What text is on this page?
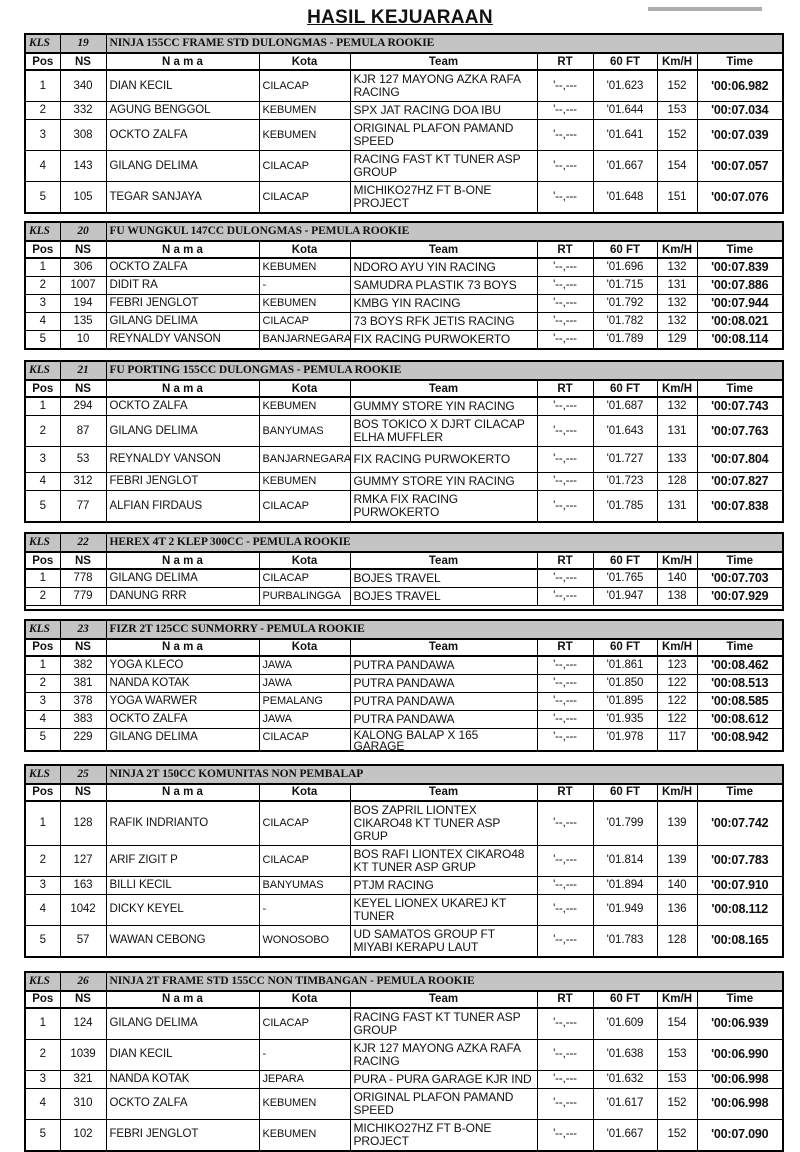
HASIL KEJUARAAN
KLS	19	NINJA 155CC FRAME STD DULONGMAS - PEMULA ROOKIE						
Pos	NS	N a m a	Kota	Team	RT	60 FT	Km/H	Time
1	340	DIAN KECIL	CILACAP	KJR 127 MAYONG AZKA RAFA RACING	'--,---	'01.623	152	'00:06.982
2	332	AGUNG BENGGOL	KEBUMEN	SPX JAT RACING DOA IBU	'--,---	'01.644	153	'00:07.034
3	308	OCKTO ZALFA	KEBUMEN	ORIGINAL PLAFON PAMAND SPEED	'--,---	'01.641	152	'00:07.039
4	143	GILANG DELIMA	CILACAP	RACING FAST KT TUNER ASP GROUP	'--,---	'01.667	154	'00:07.057
5	105	TEGAR SANJAYA	CILACAP	MICHIKO27HZ FT B-ONE PROJECT	'--,---	'01.648	151	'00:07.076
KLS	20	FU WUNGKUL 147CC DULONGMAS - PEMULA ROOKIE						
Pos	NS	N a m a	Kota	Team	RT	60 FT	Km/H	Time
1	306	OCKTO ZALFA	KEBUMEN	NDORO AYU YIN RACING	'--,---	'01.696	132	'00:07.839
2	1007	DIDIT RA	-	SAMUDRA PLASTIK 73 BOYS	'--,---	'01.715	131	'00:07.886
3	194	FEBRI JENGLOT	KEBUMEN	KMBG YIN RACING	'--,---	'01.792	132	'00:07.944
4	135	GILANG DELIMA	CILACAP	73 BOYS RFK JETIS RACING	'--,---	'01.782	132	'00:08.021
5	10	REYNALDY VANSON	BANJARNEGARA	FIX RACING PURWOKERTO	'--,---	'01.789	129	'00:08.114
KLS	21	FU PORTING 155CC DULONGMAS - PEMULA ROOKIE						
Pos	NS	N a m a	Kota	Team	RT	60 FT	Km/H	Time
1	294	OCKTO ZALFA	KEBUMEN	GUMMY STORE YIN RACING	'--,---	'01.687	132	'00:07.743
2	87	GILANG DELIMA	BANYUMAS	BOS TOKICO X DJRT CILACAP ELHA MUFFLER	'--,---	'01.643	131	'00:07.763
3	53	REYNALDY VANSON	BANJARNEGARA	FIX RACING PURWOKERTO	'--,---	'01.727	133	'00:07.804
4	312	FEBRI JENGLOT	KEBUMEN	GUMMY STORE YIN RACING	'--,---	'01.723	128	'00:07.827
5	77	ALFIAN FIRDAUS	CILACAP	RMKA FIX RACING PURWOKERTO	'--,---	'01.785	131	'00:07.838
KLS	22	HEREX 4T 2 KLEP 300CC - PEMULA ROOKIE						
Pos	NS	N a m a	Kota	Team	RT	60 FT	Km/H	Time
1	778	GILANG DELIMA	CILACAP	BOJES TRAVEL	'--,---	'01.765	140	'00:07.703
2	779	DANUNG RRR	PURBALINGGA	BOJES TRAVEL	'--,---	'01.947	138	'00:07.929

KLS	23	FIZR 2T 125CC SUNMORRY - PEMULA ROOKIE						
Pos	NS	N a m a	Kota	Team	RT	60 FT	Km/H	Time
1	382	YOGA KLECO	JAWA	PUTRA PANDAWA	'--,---	'01.861	123	'00:08.462
2	381	NANDA KOTAK	JAWA	PUTRA PANDAWA	'--,---	'01.850	122	'00:08.513
3	378	YOGA WARWER	PEMALANG	PUTRA PANDAWA	'--,---	'01.895	122	'00:08.585
4	383	OCKTO ZALFA	JAWA	PUTRA PANDAWA	'--,---	'01.935	122	'00:08.612
5	229	GILANG DELIMA	CILACAP	KALONG BALAP X 165 GARAGE	'--,---	'01.978	117	'00:08.942
KLS	25	NINJA 2T 150CC KOMUNITAS NON PEMBALAP						
Pos	NS	N a m a	Kota	Team	RT	60 FT	Km/H	Time
1	128	RAFIK INDRIANTO	CILACAP	BOS ZAPRIL LIONTEX CIKARO48 KT TUNER ASP GRUP	'--,---	'01.799	139	'00:07.742
2	127	ARIF ZIGIT P	CILACAP	BOS RAFI LIONTEX CIKARO48 KT TUNER ASP GRUP	'--,---	'01.814	139	'00:07.783
3	163	BILLI KECIL	BANYUMAS	PTJM RACING	'--,---	'01.894	140	'00:07.910
4	1042	DICKY KEYEL	-	KEYEL LIONEX UKAREJ KT TUNER	'--,---	'01.949	136	'00:08.112
5	57	WAWAN CEBONG	WONOSOBO	UD SAMATOS GROUP FT MIYABI KERAPU LAUT	'--,---	'01.783	128	'00:08.165
KLS	26	NINJA 2T FRAME STD 155CC NON TIMBANGAN - PEMULA ROOKIE						
Pos	NS	N a m a	Kota	Team	RT	60 FT	Km/H	Time
1	124	GILANG DELIMA	CILACAP	RACING FAST KT TUNER ASP GROUP	'--,---	'01.609	154	'00:06.939
2	1039	DIAN KECIL	-	KJR 127 MAYONG AZKA RAFA RACING	'--,---	'01.638	153	'00:06.990
3	321	NANDA KOTAK	JEPARA	PURA - PURA GARAGE KJR IND	'--,---	'01.632	153	'00:06.998
4	310	OCKTO ZALFA	KEBUMEN	ORIGINAL PLAFON PAMAND SPEED	'--,---	'01.617	152	'00:06.998
5	102	FEBRI JENGLOT	KEBUMEN	MICHIKO27HZ FT B-ONE PROJECT	'--,---	'01.667	152	'00:07.090
